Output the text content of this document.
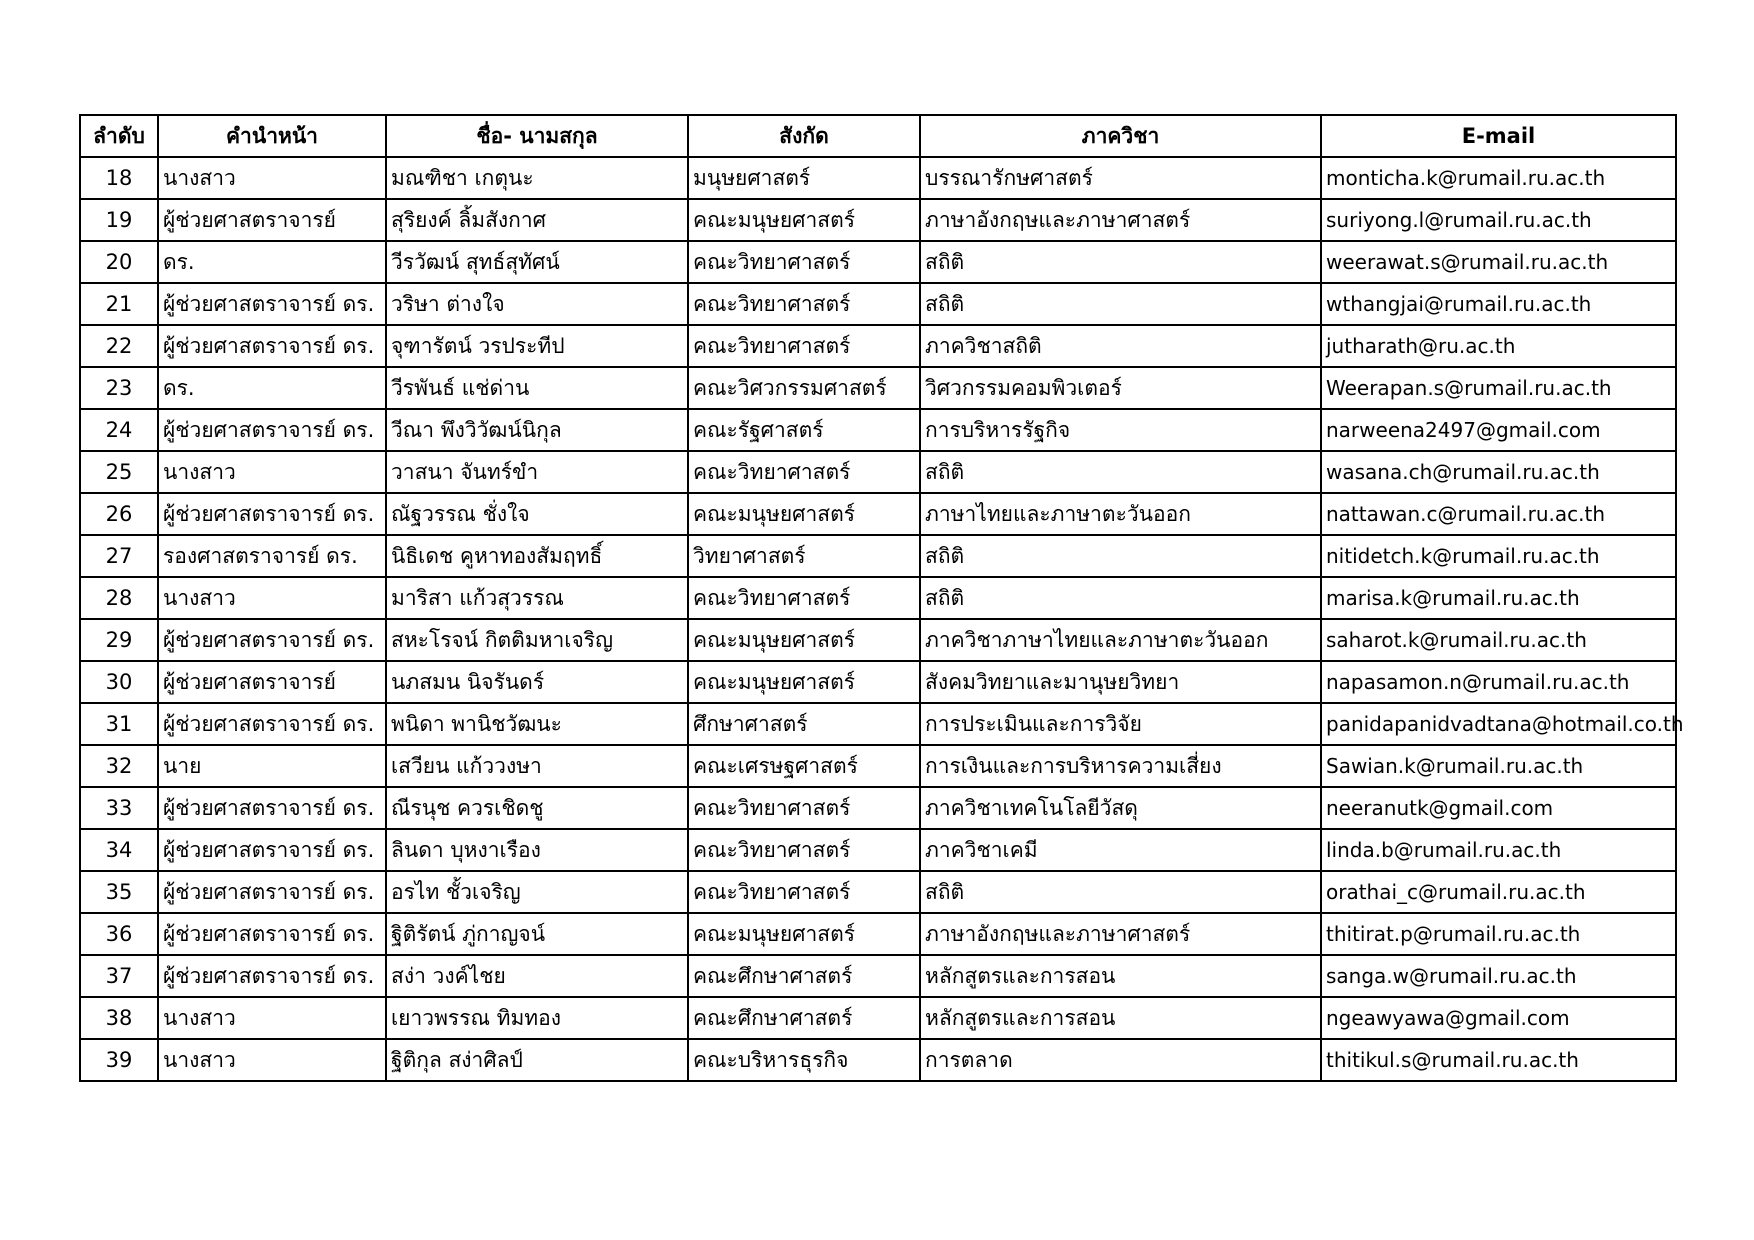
ลำดับ	คำนำหน้า	ชื่อ- นามสกุล	สังกัด	ภาควิชา	E-mail
18	นางสาว	มณฑิชา เกตุนะ	มนุษยศาสตร์	บรรณารักษศาสตร์	monticha.k@rumail.ru.ac.th
19	ผู้ช่วยศาสตราจารย์	สุริยงค์ ลิ้มสังกาศ	คณะมนุษยศาสตร์	ภาษาอังกฤษและภาษาศาสตร์	suriyong.l@rumail.ru.ac.th
20	ดร.	วีรวัฒน์ สุทธ์สุทัศน์	คณะวิทยาศาสตร์	สถิติ	weerawat.s@rumail.ru.ac.th
21	ผู้ช่วยศาสตราจารย์ ดร.	วริษา ต่างใจ	คณะวิทยาศาสตร์	สถิติ	wthangjai@rumail.ru.ac.th
22	ผู้ช่วยศาสตราจารย์ ดร.	จุฑารัตน์ วรประทีป	คณะวิทยาศาสตร์	ภาควิชาสถิติ	jutharath@ru.ac.th
23	ดร.	วีรพันธ์ แช่ด่าน	คณะวิศวกรรมศาสตร์	วิศวกรรมคอมพิวเตอร์	Weerapan.s@rumail.ru.ac.th
24	ผู้ช่วยศาสตราจารย์ ดร.	วีณา พึงวิวัฒน์นิกุล	คณะรัฐศาสตร์	การบริหารรัฐกิจ	narweena2497@gmail.com
25	นางสาว	วาสนา จันทร์ขำ	คณะวิทยาศาสตร์	สถิติ	wasana.ch@rumail.ru.ac.th
26	ผู้ช่วยศาสตราจารย์ ดร.	ณัฐวรรณ ชั่งใจ	คณะมนุษยศาสตร์	ภาษาไทยและภาษาตะวันออก	nattawan.c@rumail.ru.ac.th
27	รองศาสตราจารย์ ดร.	นิธิเดช คูหาทองสัมฤทธิ์	วิทยาศาสตร์	สถิติ	nitidetch.k@rumail.ru.ac.th
28	นางสาว	มาริสา แก้วสุวรรณ	คณะวิทยาศาสตร์	สถิติ	marisa.k@rumail.ru.ac.th
29	ผู้ช่วยศาสตราจารย์ ดร.	สหะโรจน์ กิตติมหาเจริญ	คณะมนุษยศาสตร์	ภาควิชาภาษาไทยและภาษาตะวันออก	saharot.k@rumail.ru.ac.th
30	ผู้ช่วยศาสตราจารย์	นภสมน นิจรันดร์	คณะมนุษยศาสตร์	สังคมวิทยาและมานุษยวิทยา	napasamon.n@rumail.ru.ac.th
31	ผู้ช่วยศาสตราจารย์ ดร.	พนิดา พานิชวัฒนะ	ศึกษาศาสตร์	การประเมินและการวิจัย	panidapanidvadtana@hotmail.co.th
32	นาย	เสวียน แก้ววงษา	คณะเศรษฐศาสตร์	การเงินและการบริหารความเสี่ยง	Sawian.k@rumail.ru.ac.th
33	ผู้ช่วยศาสตราจารย์ ดร.	ณีรนุช ควรเชิดชู	คณะวิทยาศาสตร์	ภาควิชาเทคโนโลยีวัสดุ	neeranutk@gmail.com
34	ผู้ช่วยศาสตราจารย์ ดร.	ลินดา บุหงาเรือง	คณะวิทยาศาสตร์	ภาควิชาเคมี	linda.b@rumail.ru.ac.th
35	ผู้ช่วยศาสตราจารย์ ดร.	อรไท ชั้วเจริญ	คณะวิทยาศาสตร์	สถิติ	orathai_c@rumail.ru.ac.th
36	ผู้ช่วยศาสตราจารย์ ดร.	ฐิติรัตน์ ภู่กาญจน์	คณะมนุษยศาสตร์	ภาษาอังกฤษและภาษาศาสตร์	thitirat.p@rumail.ru.ac.th
37	ผู้ช่วยศาสตราจารย์ ดร.	สง่า วงค์ไชย	คณะศึกษาศาสตร์	หลักสูตรและการสอน	sanga.w@rumail.ru.ac.th
38	นางสาว	เยาวพรรณ ทิมทอง	คณะศึกษาศาสตร์	หลักสูตรและการสอน	ngeawyawa@gmail.com
39	นางสาว	ฐิติกุล สง่าศิลป์	คณะบริหารธุรกิจ	การตลาด	thitikul.s@rumail.ru.ac.th
